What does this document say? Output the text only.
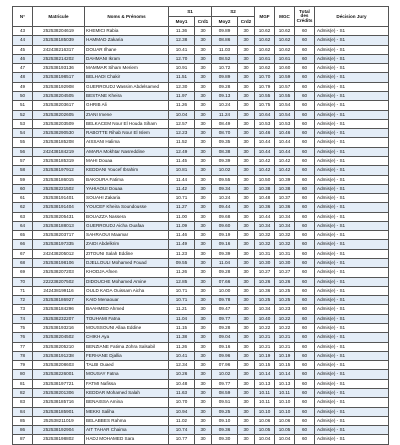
N°	Matricule	Noms & Prénoms	S1		S2		MGF	MGC	Total des Crédits	Décision Jury
			Moy1	Crd1	Moy2	Crd2				
43	252538204619	KHEMICI Rabia	11.36	30	09.89	30	10.62	10.62	60	Admis(e) - S1
44	252538185039	HAMMAD Zakaria	12.38	30	08.86	30	10.62	10.62	60	Admis(e) - S1
45	242438216317	DOUAR Ilhane	10.41	30	11.03	30	10.62	10.62	60	Admis(e) - S1
46	252538214202	DAHMANI Ikram	12.70	30	08.52	30	10.61	10.61	60	Admis(e) - S1
47	252538193136	MAMMAR Siham Meriem	10.91	30	10.72	30	10.62	10.60	60	Admis(e) - S1
48	252538198517	BELHADI Chakir	11.51	30	09.89	30	10.70	10.59	60	Admis(e) - S1
49	252538192908	GUERROUDJ Wassim Abdelsamed	12.30	30	09.28	30	10.79	10.57	60	Admis(e) - S1
50	252538204505	BESTANE Kheira	11.97	30	09.13	30	10.55	10.55	60	Admis(e) - S1
51	252538203617	GHRIB Ali	11.26	30	10.24	30	10.75	10.54	60	Admis(e) - S1
52	252538202605	ZIANI Imene	10.04	30	11.24	30	10.64	10.54	60	Admis(e) - S1
53	252538203509	BELKACEM Nour El Houda Siham	12.57	30	08.49	30	10.53	10.53	60	Admis(e) - S1
54	252538290530	RABOTTE Rihab Nour El Islem	12.23	30	08.70	30	10.46	10.46	60	Admis(e) - S1
55	252538185208	AISSANI Halima	11.52	30	09.35	30	10.44	10.44	60	Admis(e) - S1
56	242438184219	AMARA Mokhtar Nasreddine	12.49	30	08.38	30	10.44	10.44	60	Admis(e) - S1
57	252538185319	MAHI Douaa	11.45	30	09.39	30	10.42	10.42	60	Admis(e) - S1
58	252538197912	KEDDANI Youcef Ibrahim	10.81	30	10.02	30	10.42	10.42	60	Admis(e) - S1
59	252538186015	BAKOURA Fatima	11.44	30	09.55	30	10.50	10.39	60	Admis(e) - S1
60	252538221502	YAHIAOUI Douaa	11.42	30	09.34	30	10.38	10.38	60	Admis(e) - S1
61	252538191401	SOUAHI Zakaria	10.71	30	10.24	30	10.48	10.37	60	Admis(e) - S1
62	252538191404	YOUCEF Kheira Soundousse	11.27	30	09.44	30	10.36	10.36	60	Admis(e) - S1
63	252538205431	BOUAZZA Nassera	11.00	30	09.68	30	10.44	10.34	60	Admis(e) - S1
64	252538188013	GUERROUDJ Aicha Ouafaa	11.09	30	09.60	30	10.34	10.34	60	Admis(e) - S1
65	252538203717	SAHRAOUI Maamar	11.46	30	09.19	30	10.32	10.32	60	Admis(e) - S1
66	252538197335	ZAIDI Abdelkrim	11.49	30	09.16	30	10.32	10.32	60	Admis(e) - S1
67	242438205012	ZITOUNI Salah Eddine	11.23	30	09.39	30	10.31	10.31	60	Admis(e) - S1
68	252538198106	DJELLOULI Mohamed Fouad	09.55	30	11.04	30	10.30	10.30	60	Admis(e) - S1
69	252538207203	KHODJA Afnen	11.26	30	09.28	30	10.27	10.27	60	Admis(e) - S1
70	222238207502	DIDOUCHE Mohamed Amine	12.85	30	07.66	30	10.26	10.26	60	Admis(e) - S1
71	242438199116	OULD KADA Ouissam Aicha	10.71	30	10.00	30	10.36	10.25	60	Admis(e) - S1
72	252538186927	KAID Menaouar	10.71	30	09.78	30	10.25	10.25	60	Admis(e) - S1
73	252538184296	BAAHMED Ahmed	11.21	30	09.47	30	10.34	10.23	60	Admis(e) - S1
74	252538232207	TOUHAMI Fatna	11.04	30	09.77	30	10.40	10.22	60	Admis(e) - S1
75	252538193216	MOUSSOUNI Allaa Eddine	11.15	30	09.28	30	10.22	10.22	60	Admis(e) - S1
76	252538204502	CHIKH Aya	11.38	30	09.04	30	10.21	10.21	60	Admis(e) - S1
77	252538205210	BENZIANE Fatima Zohra Salsabil	11.26	30	09.16	30	10.21	10.21	60	Admis(e) - S1
78	252538191238	FERHANE Djallia	10.41	30	09.96	30	10.19	10.19	60	Admis(e) - S1
79	252538208603	TALBI Ouaed	12.34	30	07.96	30	10.15	10.15	60	Admis(e) - S1
80	252538226001	MOUSAY Fatna	10.26	30	10.02	30	10.14	10.14	60	Admis(e) - S1
81	252538197721	FATMI Nafissa	10.48	30	09.77	30	10.13	10.13	60	Admis(e) - S1
82	252538201306	KEDDAR Mohamed Salah	11.63	30	08.59	30	10.11	10.11	60	Admis(e) - S1
83	252538185716	BENAISSA Amina	10.70	30	09.51	30	10.11	10.10	60	Admis(e) - S1
84	252538185901	MEKKI Saliha	10.94	30	09.25	30	10.10	10.10	60	Admis(e) - S1
85	252538211019	BELABBES Rahma	11.02	30	09.10	30	10.06	10.06	60	Admis(e) - S1
86	252538192904	AIT TAHAR Chaima	10.74	30	09.36	30	10.05	10.05	60	Admis(e) - S1
87	252538198802	HADJ MOHAMED Sara	10.77	30	09.30	30	10.04	10.04	60	Admis(e) - S1
